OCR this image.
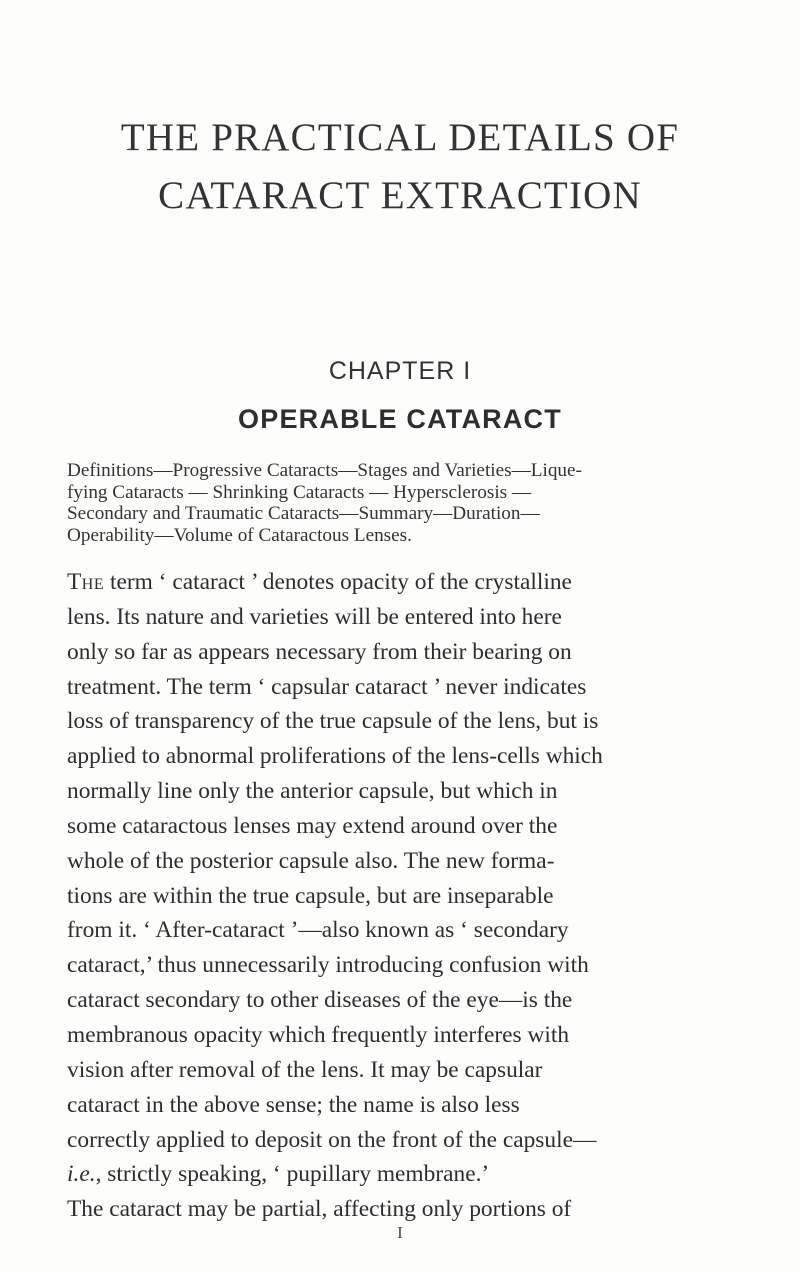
THE PRACTICAL DETAILS OF
CATARACT EXTRACTION
CHAPTER I
OPERABLE CATARACT
Definitions—Progressive Cataracts—Stages and Varieties—Lique-
fying Cataracts — Shrinking Cataracts — Hypersclerosis —
Secondary and Traumatic Cataracts—Summary—Duration—
Operability—Volume of Cataractous Lenses.
The term ‘ cataract ’ denotes opacity of the crystalline
lens. Its nature and varieties will be entered into here
only so far as appears necessary from their bearing on
treatment. The term ‘ capsular cataract ’ never indicates
loss of transparency of the true capsule of the lens, but is
applied to abnormal proliferations of the lens-cells which
normally line only the anterior capsule, but which in
some cataractous lenses may extend around over the
whole of the posterior capsule also. The new forma-
tions are within the true capsule, but are inseparable
from it. ‘ After-cataract ’—also known as ‘ secondary
cataract,’ thus unnecessarily introducing confusion with
cataract secondary to other diseases of the eye—is the
membranous opacity which frequently interferes with
vision after removal of the lens. It may be capsular
cataract in the above sense; the name is also less
correctly applied to deposit on the front of the capsule—
i.e., strictly speaking, ‘ pupillary membrane.’
The cataract may be partial, affecting only portions of
I
